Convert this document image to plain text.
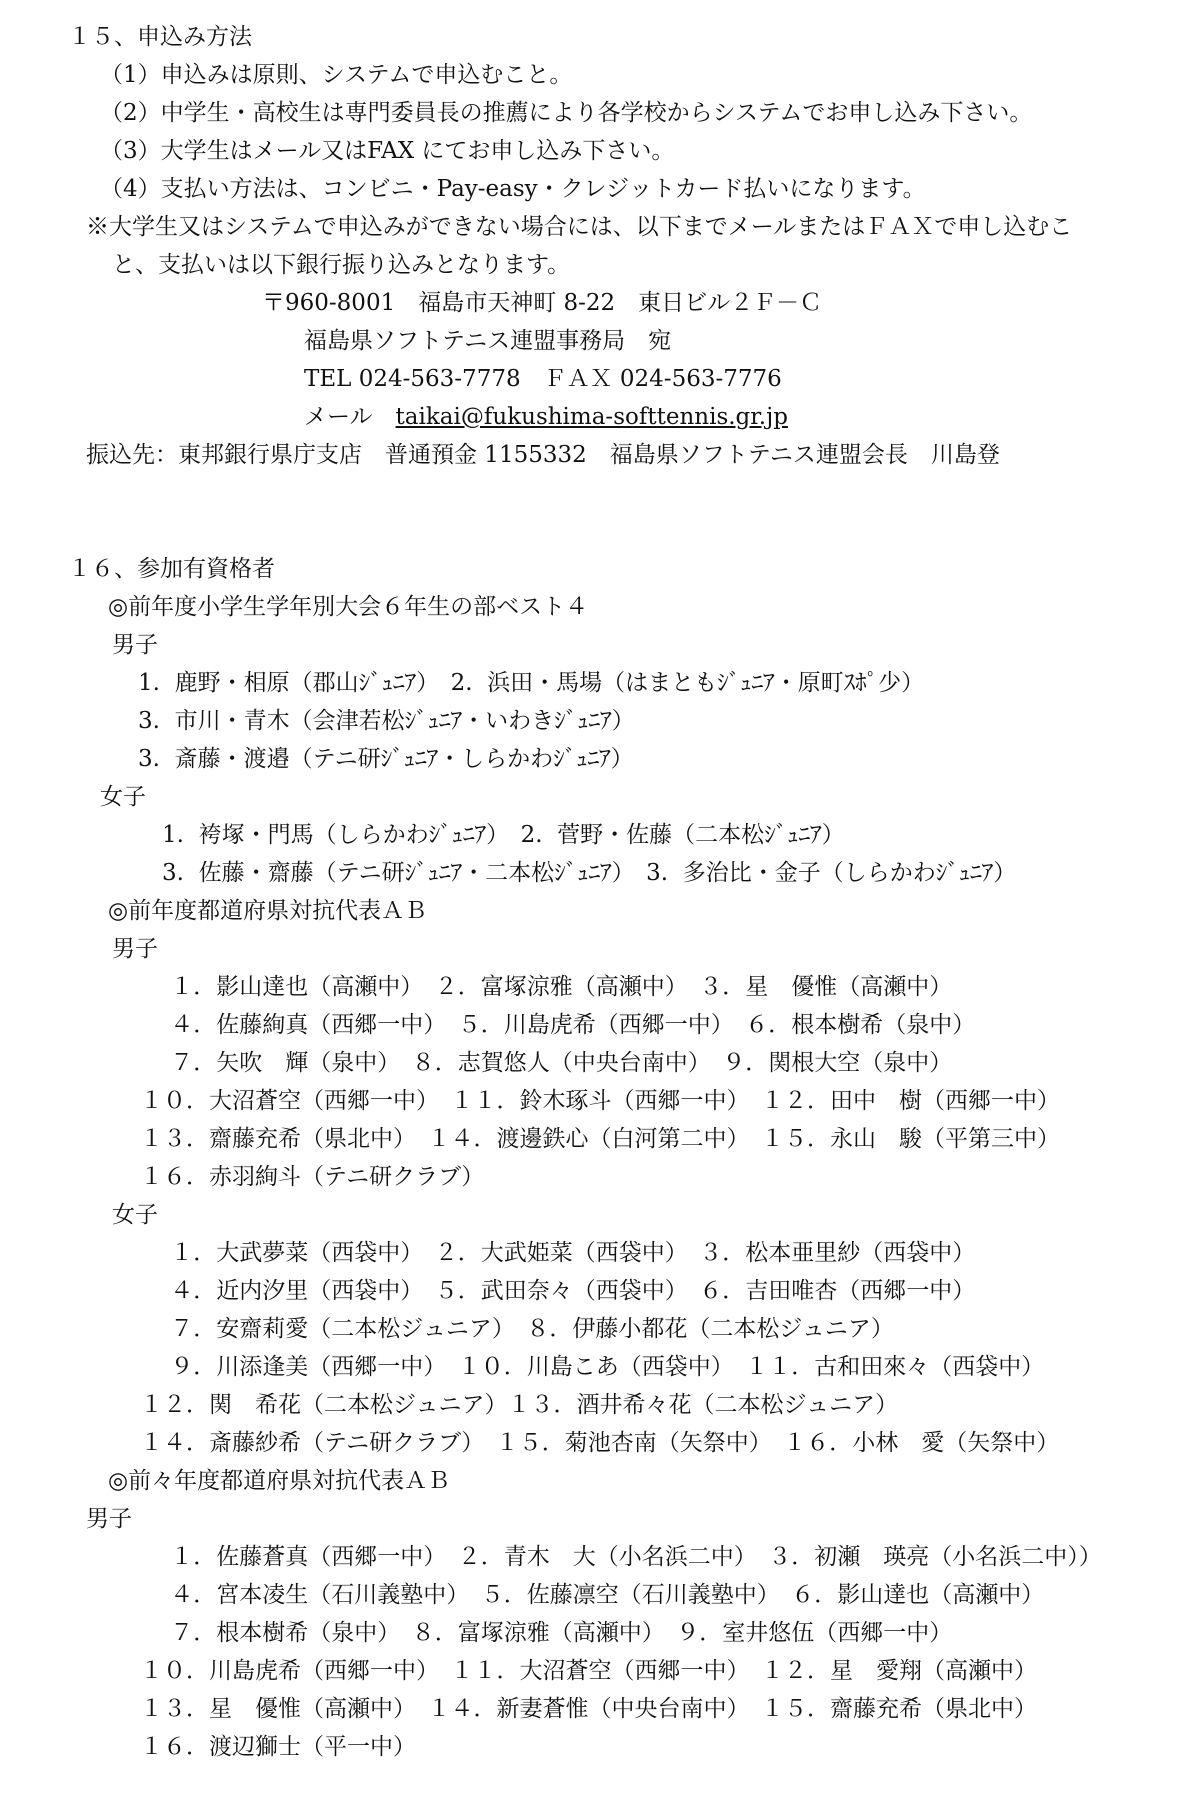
１５、申込み方法
（1）申込みは原則、システムで申込むこと。
（2）中学生・高校生は専門委員長の推薦により各学校からシステムでお申し込み下さい。
（3）大学生はメール又はFAX にてお申し込み下さい。
（4）支払い方法は、コンビニ・Pay-easy・クレジットカード払いになります。
※大学生又はシステムで申込みができない場合には、以下までメールまたはＦＡＸで申し込むこ
と、支払いは以下銀行振り込みとなります。
〒960-8001　福島市天神町 8-22　東日ビル２Ｆ－Ｃ
福島県ソフトテニス連盟事務局　宛
TEL 024-563-7778　ＦＡＸ 024-563-7776
メール　taikai@fukushima-softtennis.gr.jp
振込先：東邦銀行県庁支店　普通預金 1155332　福島県ソフトテニス連盟会長　川島登
１６、参加有資格者
◎前年度小学生学年別大会６年生の部ベスト４
男子
1.  鹿野・相原（郡山ｼﾞｭﾆｱ）　2.  浜田・馬場（はまともｼﾞｭﾆｱ・原町ｽﾎﾟ少）
3.  市川・青木（会津若松ｼﾞｭﾆｱ・いわきｼﾞｭﾆｱ）
3.  斎藤・渡邉（テニ研ｼﾞｭﾆｱ・しらかわｼﾞｭﾆｱ）
女子
1.  袴塚・門馬（しらかわｼﾞｭﾆｱ）　2.  菅野・佐藤（二本松ｼﾞｭﾆｱ）
3.  佐藤・齋藤（テニ研ｼﾞｭﾆｱ・二本松ｼﾞｭﾆｱ）　3.  多治比・金子（しらかわｼﾞｭﾆｱ）
◎前年度都道府県対抗代表ＡＢ
男子
　 １．影山達也（高瀬中）　２．富塚涼雅（高瀬中）　３．星　優惟（高瀬中）
　 ４．佐藤絢真（西郷一中）　５．川島虎希（西郷一中）　６．根本樹希（泉中）
　 ７．矢吹　輝（泉中）　８．志賀悠人（中央台南中）　９．関根大空（泉中）
１０．大沼蒼空（西郷一中）　１１．鈴木琢斗（西郷一中）　１２．田中　樹（西郷一中）
１３．齋藤充希（県北中）　１４．渡邊鉄心（白河第二中）　１５．永山　駿（平第三中）
１６．赤羽絢斗（テニ研クラブ）
女子
　 １．大武夢菜（西袋中）　２．大武姫菜（西袋中）　３．松本亜里紗（西袋中）
　 ４．近内汐里（西袋中）　５．武田奈々（西袋中）　６．吉田唯杏（西郷一中）
　 ７．安齋莉愛（二本松ジュニア）　８．伊藤小都花（二本松ジュニア）
　 ９．川添逢美（西郷一中）　１０．川島こあ（西袋中）　１１．古和田來々（西袋中）
１２．関　希花（二本松ジュニア）１３．酒井希々花（二本松ジュニア）
１４．斎藤紗希（テニ研クラブ）　１５．菊池杏南（矢祭中）　１６．小林　愛（矢祭中）
◎前々年度都道府県対抗代表ＡＢ
男子
　 １．佐藤蒼真（西郷一中）　２．青木　大（小名浜二中）　３．初瀬　瑛亮（小名浜二中））
　 ４．宮本凌生（石川義塾中）　５．佐藤凛空（石川義塾中）　６．影山達也（高瀬中）
　 ７．根本樹希（泉中）　８．富塚涼雅（高瀬中）　９．室井悠伍（西郷一中）
１０．川島虎希（西郷一中）　１１．大沼蒼空（西郷一中）　１２．星　愛翔（高瀬中）
１３．星　優惟（高瀬中）　１４．新妻蒼惟（中央台南中）　１５．齋藤充希（県北中）
１６．渡辺獅士（平一中）
